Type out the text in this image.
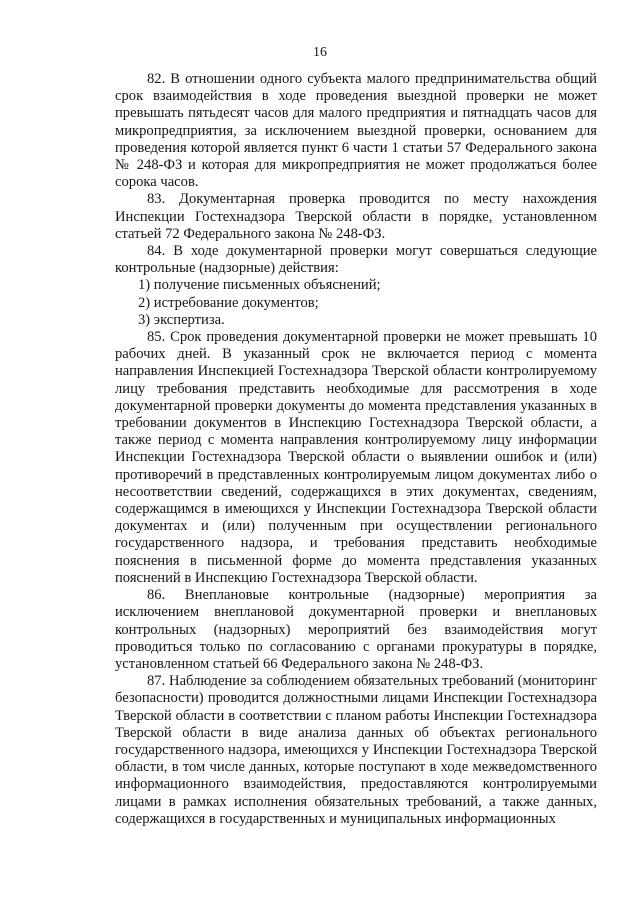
16

82. В отношении одного субъекта малого предпринимательства общий срок взаимодействия в ходе проведения выездной проверки не может превышать пятьдесят часов для малого предприятия и пятнадцать часов для микропредприятия, за исключением выездной проверки, основанием для проведения которой является пункт 6 части 1 статьи 57 Федерального закона № 248-ФЗ и которая для микропредприятия не может продолжаться более сорока часов.

83. Документарная проверка проводится по месту нахождения Инспекции Гостехнадзора Тверской области в порядке, установленном статьей 72 Федерального закона № 248-ФЗ.

84. В ходе документарной проверки могут совершаться следующие контрольные (надзорные) действия:

1) получение письменных объяснений;

2) истребование документов;

3) экспертиза.

85. Срок проведения документарной проверки не может превышать 10 рабочих дней. В указанный срок не включается период с момента направления Инспекцией Гостехнадзора Тверской области контролируемому лицу требования представить необходимые для рассмотрения в ходе документарной проверки документы до момента представления указанных в требовании документов в Инспекцию Гостехнадзора Тверской области, а также период с момента направления контролируемому лицу информации Инспекции Гостехнадзора Тверской области о выявлении ошибок и (или) противоречий в представленных контролируемым лицом документах либо о несоответствии сведений, содержащихся в этих документах, сведениям, содержащимся в имеющихся у Инспекции Гостехнадзора Тверской области документах и (или) полученным при осуществлении регионального государственного надзора, и требования представить необходимые пояснения в письменной форме до момента представления указанных пояснений в Инспекцию Гостехнадзора Тверской области.

86. Внеплановые контрольные (надзорные) мероприятия за исключением внеплановой документарной проверки и внеплановых контрольных (надзорных) мероприятий без взаимодействия могут проводиться только по согласованию с органами прокуратуры в порядке, установленном статьей 66 Федерального закона № 248-ФЗ.

87. Наблюдение за соблюдением обязательных требований (мониторинг безопасности) проводится должностными лицами Инспекции Гостехнадзора Тверской области в соответствии с планом работы Инспекции Гостехнадзора Тверской области в виде анализа данных об объектах регионального государственного надзора, имеющихся у Инспекции Гостехнадзора Тверской области, в том числе данных, которые поступают в ходе межведомственного информационного взаимодействия, предоставляются контролируемыми лицами в рамках исполнения обязательных требований, а также данных, содержащихся в государственных и муниципальных информационных
